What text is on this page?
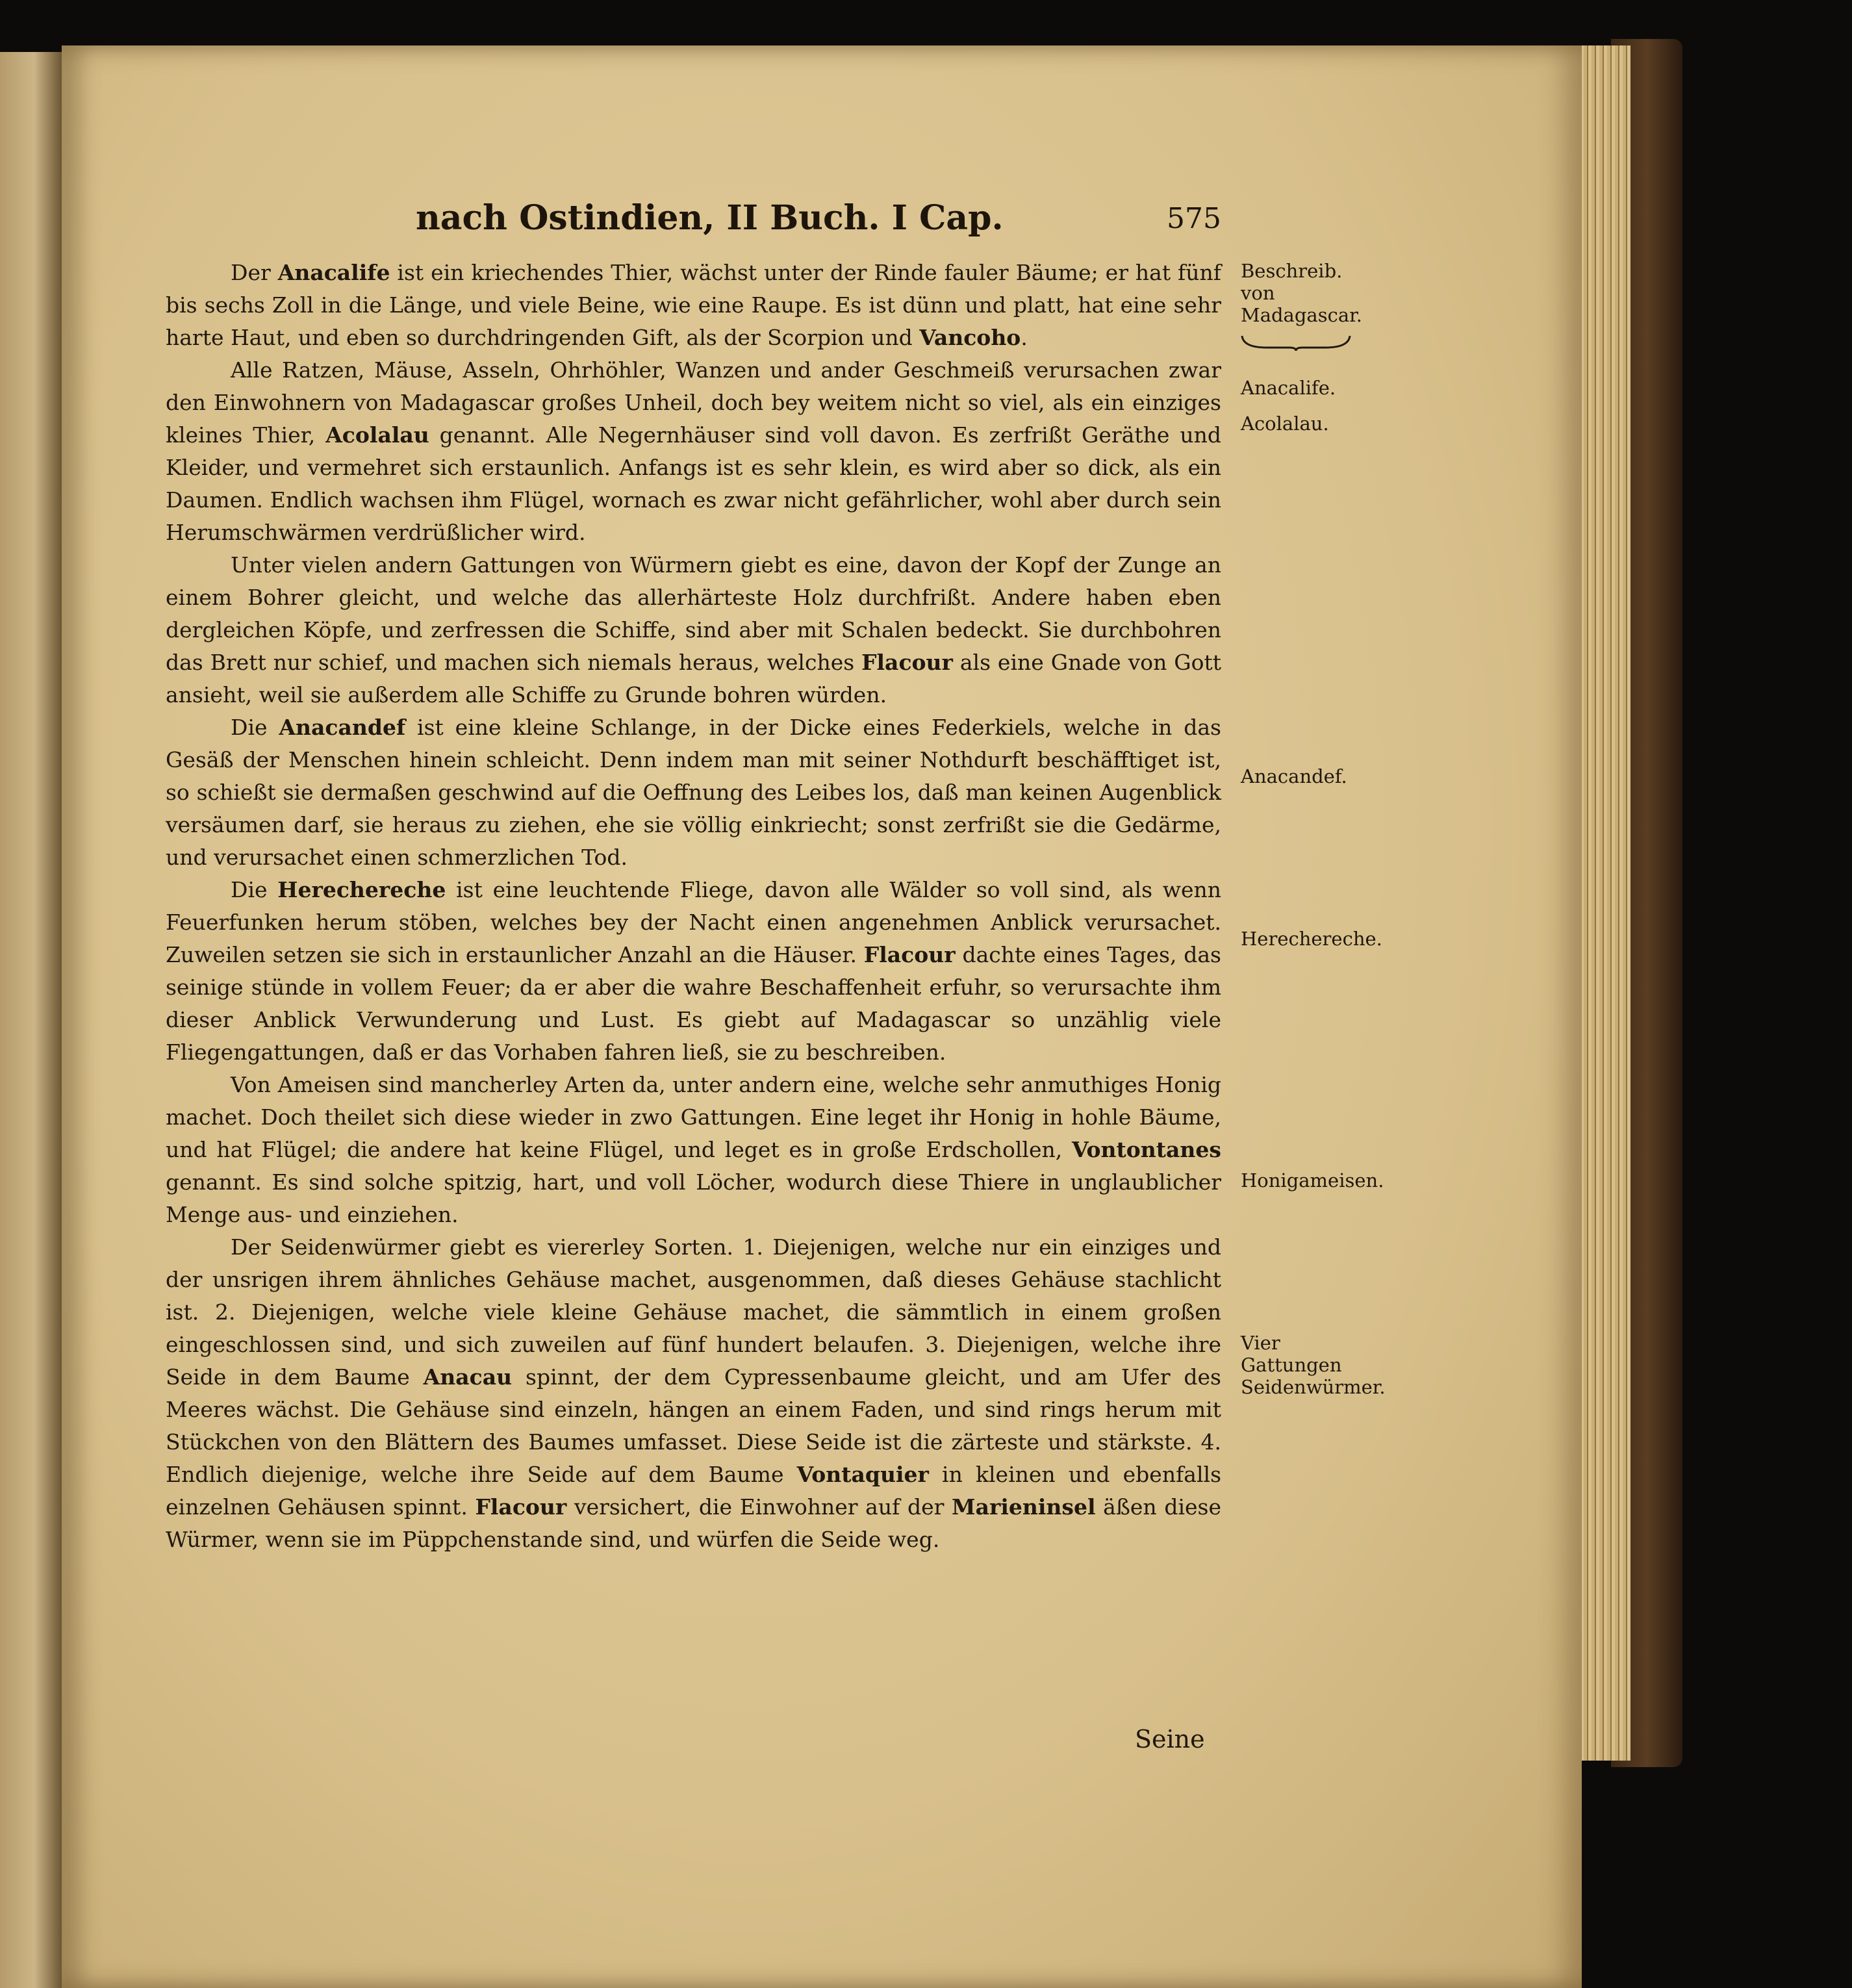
nach Ostindien, II Buch. I Cap.	575

Der Anacalife ist ein kriechendes Thier, wächst unter der Rinde fauler Bäume; er hat fünf bis sechs Zoll in die Länge, und viele Beine, wie eine Raupe. Es ist dünn und platt, hat eine sehr harte Haut, und eben so durchdringenden Gift, als der Scorpion und Vancoho.

Alle Ratzen, Mäuse, Asseln, Ohrhöhler, Wanzen und ander Geschmeiß verursachen zwar den Einwohnern von Madagascar großes Unheil, doch bey weitem nicht so viel, als ein einziges kleines Thier, Acolalau genannt. Alle Negernhäuser sind voll davon. Es zerfrißt Geräthe und Kleider, und vermehret sich erstaunlich. Anfangs ist es sehr klein, es wird aber so dick, als ein Daumen. Endlich wachsen ihm Flügel, wornach es zwar nicht gefährlicher, wohl aber durch sein Herumschwärmen verdrüßlicher wird.

Unter vielen andern Gattungen von Würmern giebt es eine, davon der Kopf der Zunge an einem Bohrer gleicht, und welche das allerhärteste Holz durchfrißt. Andere haben eben dergleichen Köpfe, und zerfressen die Schiffe, sind aber mit Schalen bedeckt. Sie durchbohren das Brett nur schief, und machen sich niemals heraus, welches Flacour als eine Gnade von Gott ansieht, weil sie außerdem alle Schiffe zu Grunde bohren würden.

Die Anacandef ist eine kleine Schlange, in der Dicke eines Federkiels, welche in das Gesäß der Menschen hinein schleicht. Denn indem man mit seiner Nothdurft beschäfftiget ist, so schießt sie dermaßen geschwind auf die Oeffnung des Leibes los, daß man keinen Augenblick versäumen darf, sie heraus zu ziehen, ehe sie völlig einkriecht; sonst zerfrißt sie die Gedärme, und verursachet einen schmerzlichen Tod.

Die Herecherechе ist eine leuchtende Fliege, davon alle Wälder so voll sind, als wenn Feuerfunken herum stöben, welches bey der Nacht einen angenehmen Anblick verursachet. Zuweilen setzen sie sich in erstaunlicher Anzahl an die Häuser. Flacour dachte eines Tages, das seinige stünde in vollem Feuer; da er aber die wahre Beschaffenheit erfuhr, so verursachte ihm dieser Anblick Verwunderung und Lust. Es giebt auf Madagascar so unzählig viele Fliegengattungen, daß er das Vorhaben fahren ließ, sie zu beschreiben.

Von Ameisen sind mancherley Arten da, unter andern eine, welche sehr anmuthiges Honig machet. Doch theilet sich diese wieder in zwo Gattungen. Eine leget ihr Honig in hohle Bäume, und hat Flügel; die andere hat keine Flügel, und leget es in große Erdschollen, Vontontanes genannt. Es sind solche spitzig, hart, und voll Löcher, wodurch diese Thiere in unglaublicher Menge aus- und einziehen.

Der Seidenwürmer giebt es viererley Sorten. 1. Diejenigen, welche nur ein einziges und der unsrigen ihrem ähnliches Gehäuse machet, ausgenommen, daß dieses Gehäuse stachlicht ist. 2. Diejenigen, welche viele kleine Gehäuse machet, die sämmtlich in einem großen eingeschlossen sind, und sich zuweilen auf fünf hundert belaufen. 3. Diejenigen, welche ihre Seide in dem Baume Anacau spinnt, der dem Cypressenbaume gleicht, und am Ufer des Meeres wächst. Die Gehäuse sind einzeln, hängen an einem Faden, und sind rings herum mit Stückchen von den Blättern des Baumes umfasset. Diese Seide ist die zärteste und stärkste. 4. Endlich diejenige, welche ihre Seide auf dem Baume Vontaquier in kleinen und ebenfalls einzelnen Gehäusen spinnt. Flacour versichert, die Einwohner auf der Marieninsel äßen diese Würmer, wenn sie im Püppchenstande sind, und würfen die Seide weg.

Beschreib. von Madagascar.
Anacalife.
Acolalau.
Anacandef.
Herecherechе.
Honigameisen.
Vier Gattungen Seidenwürmer.
Seine
